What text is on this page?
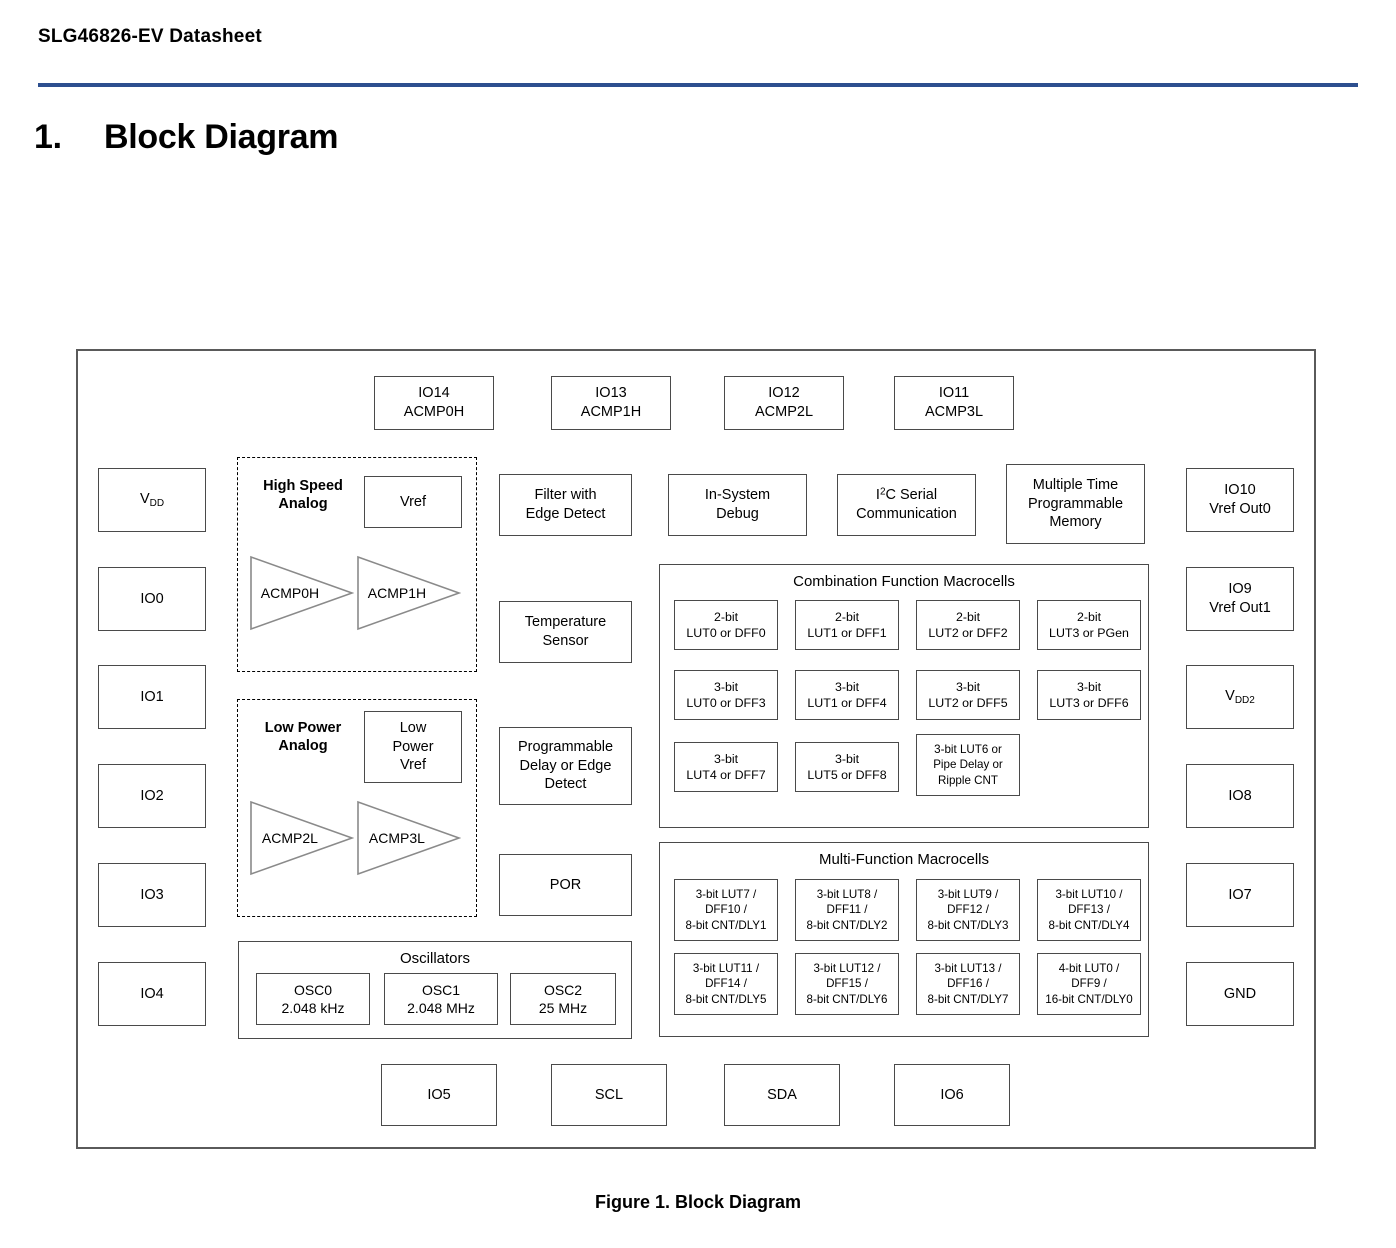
SLG46826-EV Datasheet
1. Block Diagram
IO14
ACMP0H
IO13
ACMP1H
IO12
ACMP2L
IO11
ACMP3L
$V_{DD}$
IO0
IO1
IO2
IO3
IO4
IO10
Vref Out0
IO9
Vref Out1
$V_{DD2}$
IO8
IO7
GND
High Speed
Analog	Vref
ACMP0H	ACMP1H
Low Power
Analog
Low
Power
Vref
ACMP2L	ACMP3L
Filter with
Edge Detect
Temperature
Sensor
Programmable
Delay or Edge
Detect
POR
In-System
Debug
$I^2C$ Serial
Communication
Multiple Time
Programmable
Memory
Oscillators
OSC0
2.048 kHz
OSC1
2.048 MHz
OSC2
25 MHz
Combination Function Macrocells
2-bit
LUT0 or DFF0
2-bit
LUT1 or DFF1
2-bit
LUT2 or DFF2
2-bit
LUT3 or PGen
3-bit
LUT0 or DFF3
3-bit
LUT1 or DFF4
3-bit
LUT2 or DFF5
3-bit
LUT3 or DFF6
3-bit
LUT4 or DFF7
3-bit
LUT5 or DFF8
3-bit LUT6 or
Pipe Delay or
Ripple CNT
Multi-Function Macrocells
3-bit LUT7 /
DFF10 /
8-bit CNT/DLY1
3-bit LUT8 /
DFF11 /
8-bit CNT/DLY2
3-bit LUT9 /
DFF12 /
8-bit CNT/DLY3
3-bit LUT10 /
DFF13 /
8-bit CNT/DLY4
3-bit LUT11 /
DFF14 /
8-bit CNT/DLY5
3-bit LUT12 /
DFF15 /
8-bit CNT/DLY6
3-bit LUT13 /
DFF16 /
8-bit CNT/DLY7
4-bit LUT0 /
DFF9 /
16-bit CNT/DLY0
IO5	SCL	SDA	IO6
Figure 1. Block Diagram
